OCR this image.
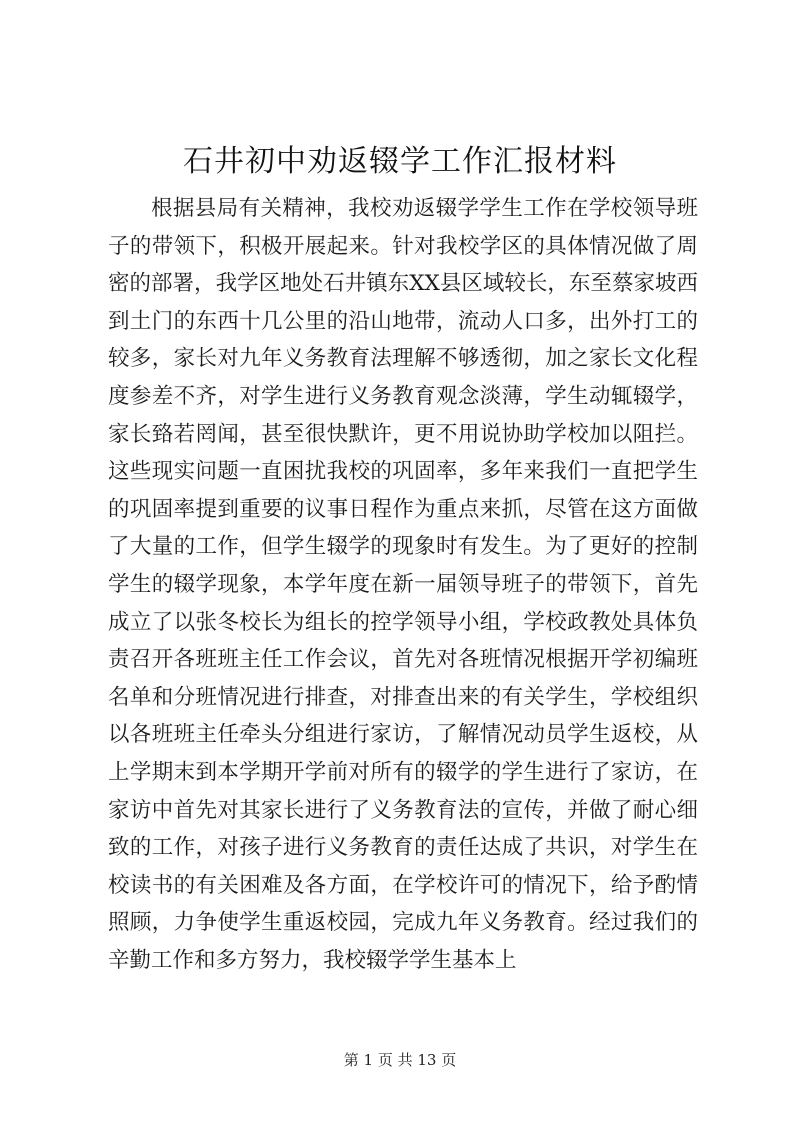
石井初中劝返辍学工作汇报材料
根据县局有关精神，我校劝返辍学学生工作在学校领导班子的带领下，积极开展起来。针对我校学区的具体情况做了周密的部署，我学区地处石井镇东XX县区域较长，东至蔡家坡西到土门的东西十几公里的沿山地带，流动人口多，出外打工的较多，家长对九年义务教育法理解不够透彻，加之家长文化程度参差不齐，对学生进行义务教育观念淡薄，学生动辄辍学，家长臵若罔闻，甚至很快默许，更不用说协助学校加以阻拦。这些现实问题一直困扰我校的巩固率，多年来我们一直把学生的巩固率提到重要的议事日程作为重点来抓，尽管在这方面做了大量的工作，但学生辍学的现象时有发生。为了更好的控制学生的辍学现象，本学年度在新一届领导班子的带领下，首先成立了以张冬校长为组长的控学领导小组，学校政教处具体负责召开各班班主任工作会议，首先对各班情况根据开学初编班名单和分班情况进行排查，对排查出来的有关学生，学校组织以各班班主任牵头分组进行家访，了解情况动员学生返校，从上学期末到本学期开学前对所有的辍学的学生进行了家访，在家访中首先对其家长进行了义务教育法的宣传，并做了耐心细致的工作，对孩子进行义务教育的责任达成了共识，对学生在校读书的有关困难及各方面，在学校许可的情况下，给予酌情照顾，力争使学生重返校园，完成九年义务教育。经过我们的辛勤工作和多方努力，我校辍学学生基本上
第 1 页 共 13 页
